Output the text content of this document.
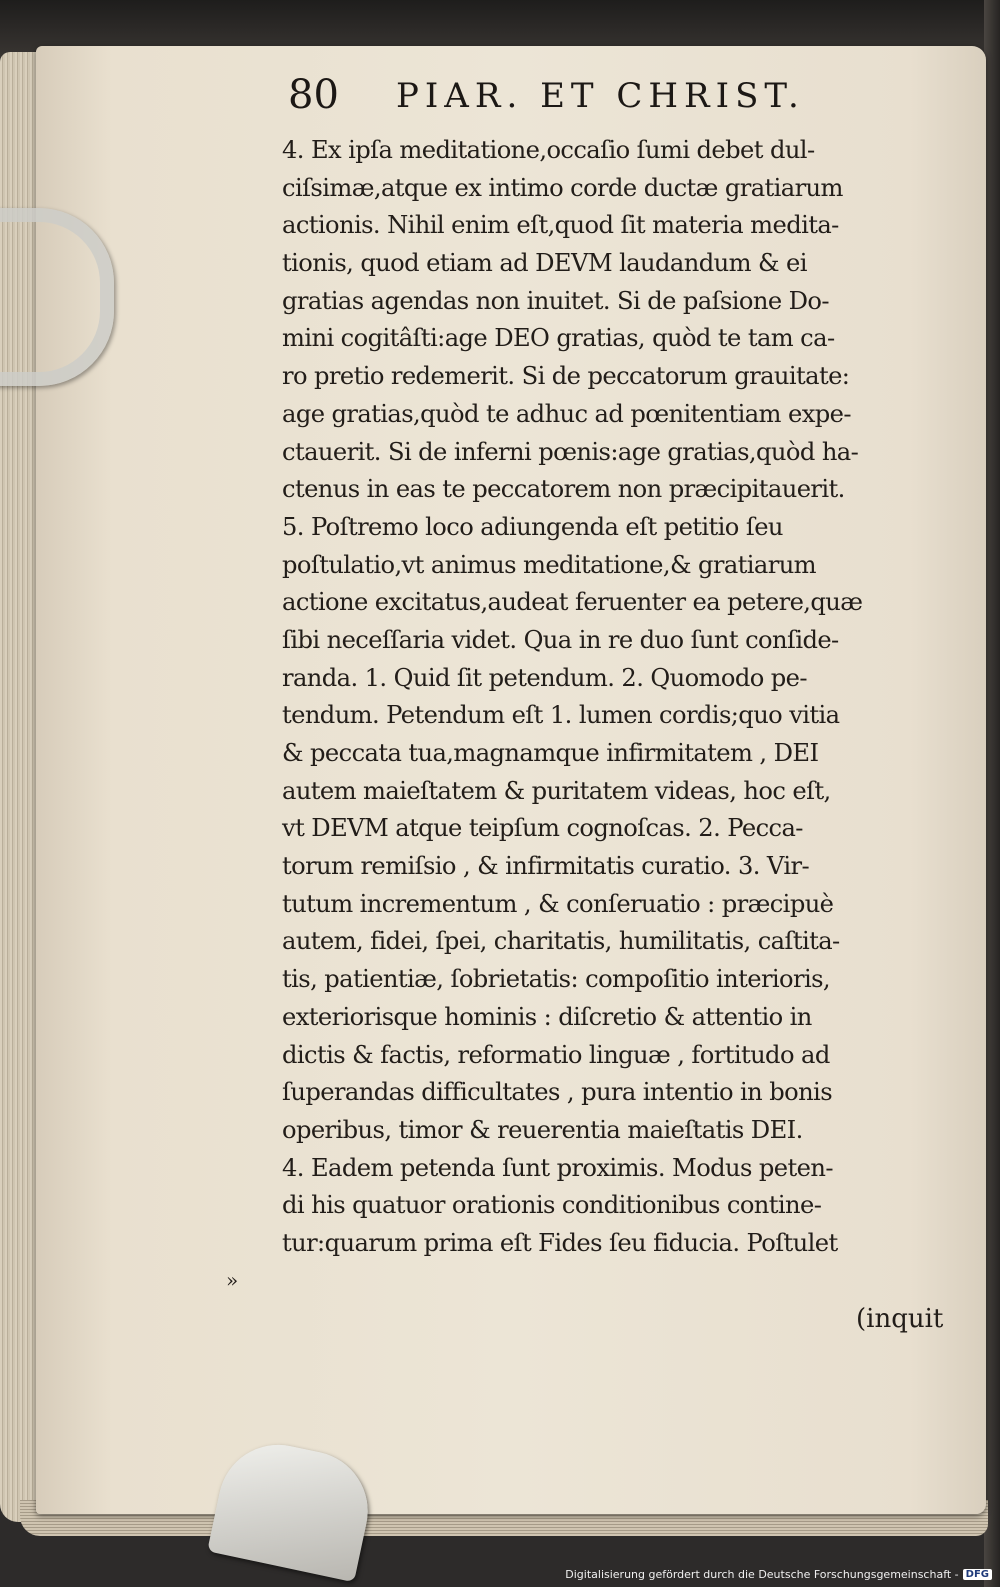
80 PIAR. ET CHRIST.
4. Ex ipſa meditatione,occaſio ſumi debet dul-
ciſsimæ,atque ex intimo corde ductæ gratiarum
actionis. Nihil enim eſt,quod ſit materia medita-
tionis, quod etiam ad DEVM laudandum & ei
gratias agendas non inuitet. Si de paſsione Do-
mini cogitâſti:age DEO gratias, quòd te tam ca-
ro pretio redemerit. Si de peccatorum grauitate:
age gratias,quòd te adhuc ad pœnitentiam expe-
ctauerit. Si de inferni pœnis:age gratias,quòd ha-
ctenus in eas te peccatorem non præcipitauerit.
5. Poſtremo loco adiungenda eſt petitio ſeu
poſtulatio,vt animus meditatione,& gratiarum
actione excitatus,audeat feruenter ea petere,quæ
ſibi neceſſaria videt. Qua in re duo ſunt conſide-
randa. 1. Quid ſit petendum. 2. Quomodo pe-
tendum. Petendum eſt 1. lumen cordis;quo vitia
& peccata tua,magnamque infirmitatem , DEI
autem maieſtatem & puritatem videas, hoc eſt,
vt DEVM atque teipſum cognoſcas. 2. Pecca-
torum remiſsio , & infirmitatis curatio. 3. Vir-
tutum incrementum , & conſeruatio : præcipuè
autem, fidei, ſpei, charitatis, humilitatis, caſtita-
tis, patientiæ, ſobrietatis: compoſitio interioris,
exteriorisque hominis : diſcretio & attentio in
dictis & factis, reformatio linguæ , fortitudo ad
ſuperandas difficultates , pura intentio in bonis
operibus, timor & reuerentia maieſtatis DEI.
4. Eadem petenda ſunt proximis. Modus peten-
di his quatuor orationis conditionibus contine-
tur:quarum prima eſt Fides ſeu fiducia. Poſtulet
»
(inquit
Digitalisierung gefördert durch die Deutsche Forschungsgemeinschaft - DFG
